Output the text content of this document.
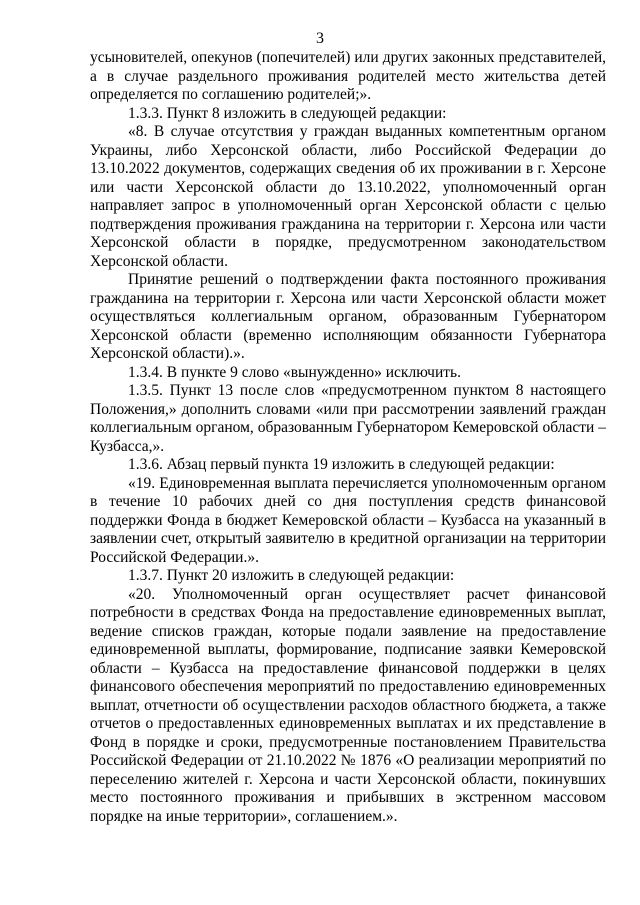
3

усыновителей, опекунов (попечителей) или других законных представителей, а в случае раздельного проживания родителей место жительства детей определяется по соглашению родителей;».

1.3.3. Пункт 8 изложить в следующей редакции:

«8. В случае отсутствия у граждан выданных компетентным органом Украины, либо Херсонской области, либо Российской Федерации до 13.10.2022 документов, содержащих сведения об их проживании в г. Херсоне или части Херсонской области до 13.10.2022, уполномоченный орган направляет запрос в уполномоченный орган Херсонской области с целью подтверждения проживания гражданина на территории г. Херсона или части Херсонской области в порядке, предусмотренном законодательством Херсонской области.

Принятие решений о подтверждении факта постоянного проживания гражданина на территории г. Херсона или части Херсонской области может осуществляться коллегиальным органом, образованным Губернатором Херсонской области (временно исполняющим обязанности Губернатора Херсонской области).».

1.3.4. В пункте 9 слово «вынужденно» исключить.

1.3.5. Пункт 13 после слов «предусмотренном пунктом 8 настоящего Положения,» дополнить словами «или при рассмотрении заявлений граждан коллегиальным органом, образованным Губернатором Кемеровской области – Кузбасса,».

1.3.6. Абзац первый пункта 19 изложить в следующей редакции:

«19. Единовременная выплата перечисляется уполномоченным органом в течение 10 рабочих дней со дня поступления средств финансовой поддержки Фонда в бюджет Кемеровской области – Кузбасса на указанный в заявлении счет, открытый заявителю в кредитной организации на территории Российской Федерации.».

1.3.7. Пункт 20 изложить в следующей редакции:

«20. Уполномоченный орган осуществляет расчет финансовой потребности в средствах Фонда на предоставление единовременных выплат, ведение списков граждан, которые подали заявление на предоставление единовременной выплаты, формирование, подписание заявки Кемеровской области – Кузбасса на предоставление финансовой поддержки в целях финансового обеспечения мероприятий по предоставлению единовременных выплат, отчетности об осуществлении расходов областного бюджета, а также отчетов о предоставленных единовременных выплатах и их представление в Фонд в порядке и сроки, предусмотренные постановлением Правительства Российской Федерации от 21.10.2022 № 1876 «О реализации мероприятий по переселению жителей г. Херсона и части Херсонской области, покинувших место постоянного проживания и прибывших в экстренном массовом порядке на иные территории», соглашением.».
